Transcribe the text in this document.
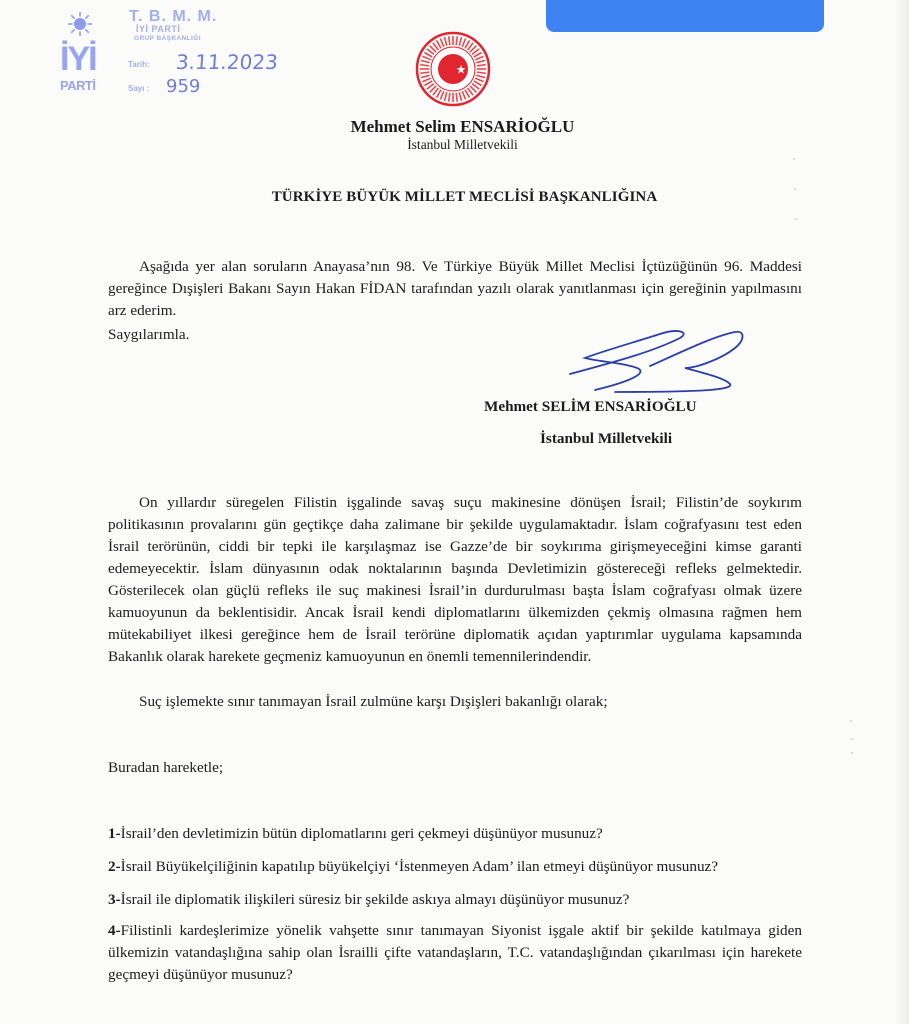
İYİ
PARTİ
T. B. M. M.
İYİ PARTİ
GRUP BAŞKANLIĞI
Tarih: 3.11.2023
Sayı : 959
Mehmet Selim ENSARİOĞLU
İstanbul Milletvekili
TÜRKİYE BÜYÜK MİLLET MECLİSİ BAŞKANLIĞINA
Aşağıda yer alan soruların Anayasa’nın 98. Ve Türkiye Büyük Millet Meclisi İçtüzüğünün 96. Maddesi gereğince Dışişleri Bakanı Sayın Hakan FİDAN tarafından yazılı olarak yanıtlanması için gereğinin yapılmasını arz ederim.
Saygılarımla.
Mehmet SELİM ENSARİOĞLU
İstanbul Milletvekili
On yıllardır süregelen Filistin işgalinde savaş suçu makinesine dönüşen İsrail; Filistin’de soykırım politikasının provalarını gün geçtikçe daha zalimane bir şekilde uygulamaktadır. İslam coğrafyasını test eden İsrail terörünün, ciddi bir tepki ile karşılaşmaz ise Gazze’de bir soykırıma girişmeyeceğini kimse garanti edemeyecektir. İslam dünyasının odak noktalarının başında Devletimizin göstereceği refleks gelmektedir. Gösterilecek olan güçlü refleks ile suç makinesi İsrail’in durdurulması başta İslam coğrafyası olmak üzere kamuoyunun da beklentisidir. Ancak İsrail kendi diplomatlarını ülkemizden çekmiş olmasına rağmen hem mütekabiliyet ilkesi gereğince hem de İsrail terörüne diplomatik açıdan yaptırımlar uygulama kapsamında Bakanlık olarak harekete geçmeniz kamuoyunun en önemli temennilerindendir.
Suç işlemekte sınır tanımayan İsrail zulmüne karşı Dışişleri bakanlığı olarak;
Buradan hareketle;
1-İsrail’den devletimizin bütün diplomatlarını geri çekmeyi düşünüyor musunuz?
2-İsrail Büyükelçiliğinin kapatılıp büyükelçiyi ‘İstenmeyen Adam’ ilan etmeyi düşünüyor musunuz?
3-İsrail ile diplomatik ilişkileri süresiz bir şekilde askıya almayı düşünüyor musunuz?
4-Filistinli kardeşlerimize yönelik vahşette sınır tanımayan Siyonist işgale aktif bir şekilde katılmaya giden ülkemizin vatandaşlığına sahip olan İsrailli çifte vatandaşların, T.C. vatandaşlığından çıkarılması için harekete geçmeyi düşünüyor musunuz?
